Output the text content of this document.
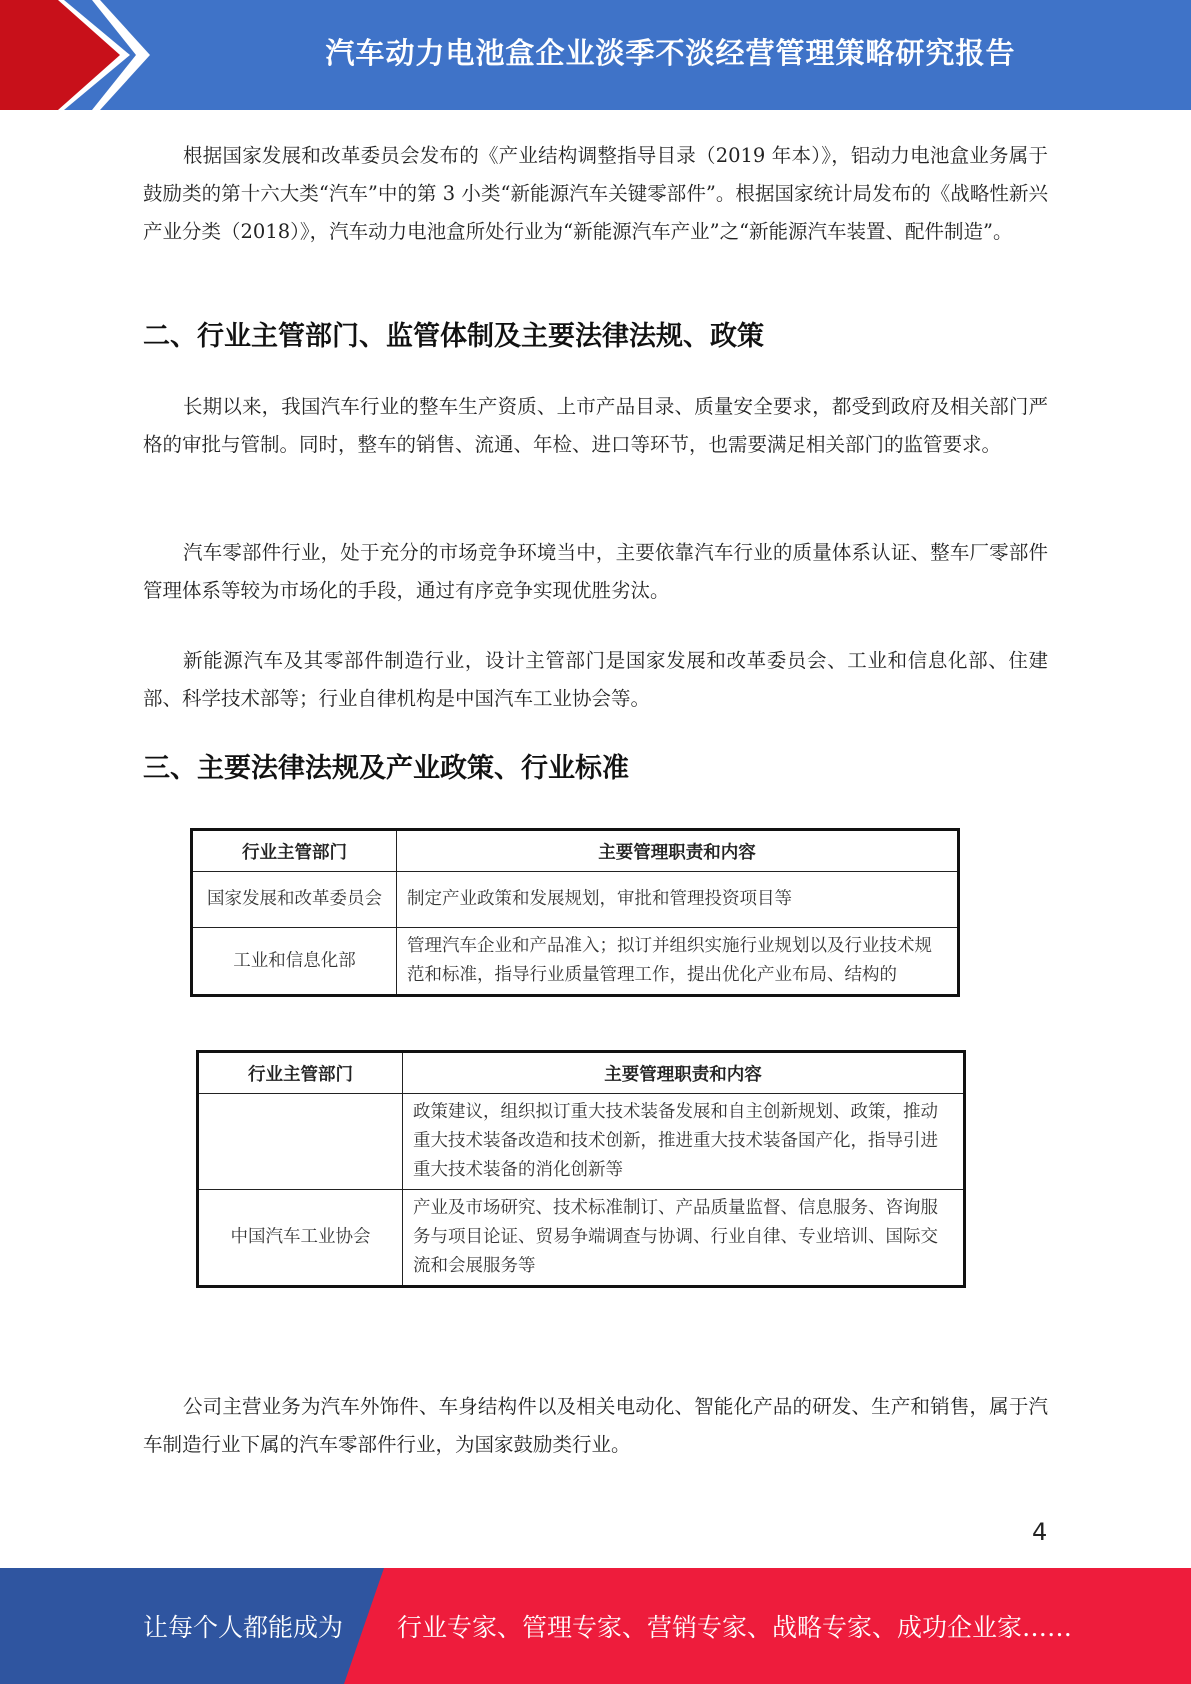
汽车动力电池盒企业淡季不淡经营管理策略研究报告

根据国家发展和改革委员会发布的《产业结构调整指导目录（2019 年本）》，铝动力电池盒业务属于鼓励类的第十六大类“汽车”中的第 3 小类“新能源汽车关键零部件”。根据国家统计局发布的《战略性新兴产业分类（2018）》，汽车动力电池盒所处行业为“新能源汽车产业”之“新能源汽车装置、配件制造”。

二、行业主管部门、监管体制及主要法律法规、政策

长期以来，我国汽车行业的整车生产资质、上市产品目录、质量安全要求，都受到政府及相关部门严格的审批与管制。同时，整车的销售、流通、年检、进口等环节，也需要满足相关部门的监管要求。

汽车零部件行业，处于充分的市场竞争环境当中，主要依靠汽车行业的质量体系认证、整车厂零部件管理体系等较为市场化的手段，通过有序竞争实现优胜劣汰。

新能源汽车及其零部件制造行业，设计主管部门是国家发展和改革委员会、工业和信息化部、住建部、科学技术部等；行业自律机构是中国汽车工业协会等。

三、主要法律法规及产业政策、行业标准
行业主管部门	主要管理职责和内容
国家发展和改革委员会	制定产业政策和发展规划，审批和管理投资项目等
工业和信息化部	管理汽车企业和产品准入；拟订并组织实施行业规划以及行业技术规范和标准，指导行业质量管理工作，提出优化产业布局、结构的
行业主管部门	主要管理职责和内容
	政策建议，组织拟订重大技术装备发展和自主创新规划、政策，推动重大技术装备改造和技术创新，推进重大技术装备国产化，指导引进重大技术装备的消化创新等
中国汽车工业协会	产业及市场研究、技术标准制订、产品质量监督、信息服务、咨询服务与项目论证、贸易争端调查与协调、行业自律、专业培训、国际交流和会展服务等

公司主营业务为汽车外饰件、车身结构件以及相关电动化、智能化产品的研发、生产和销售，属于汽车制造行业下属的汽车零部件行业，为国家鼓励类行业。

4
让每个人都能成为 行业专家、管理专家、营销专家、战略专家、成功企业家……
